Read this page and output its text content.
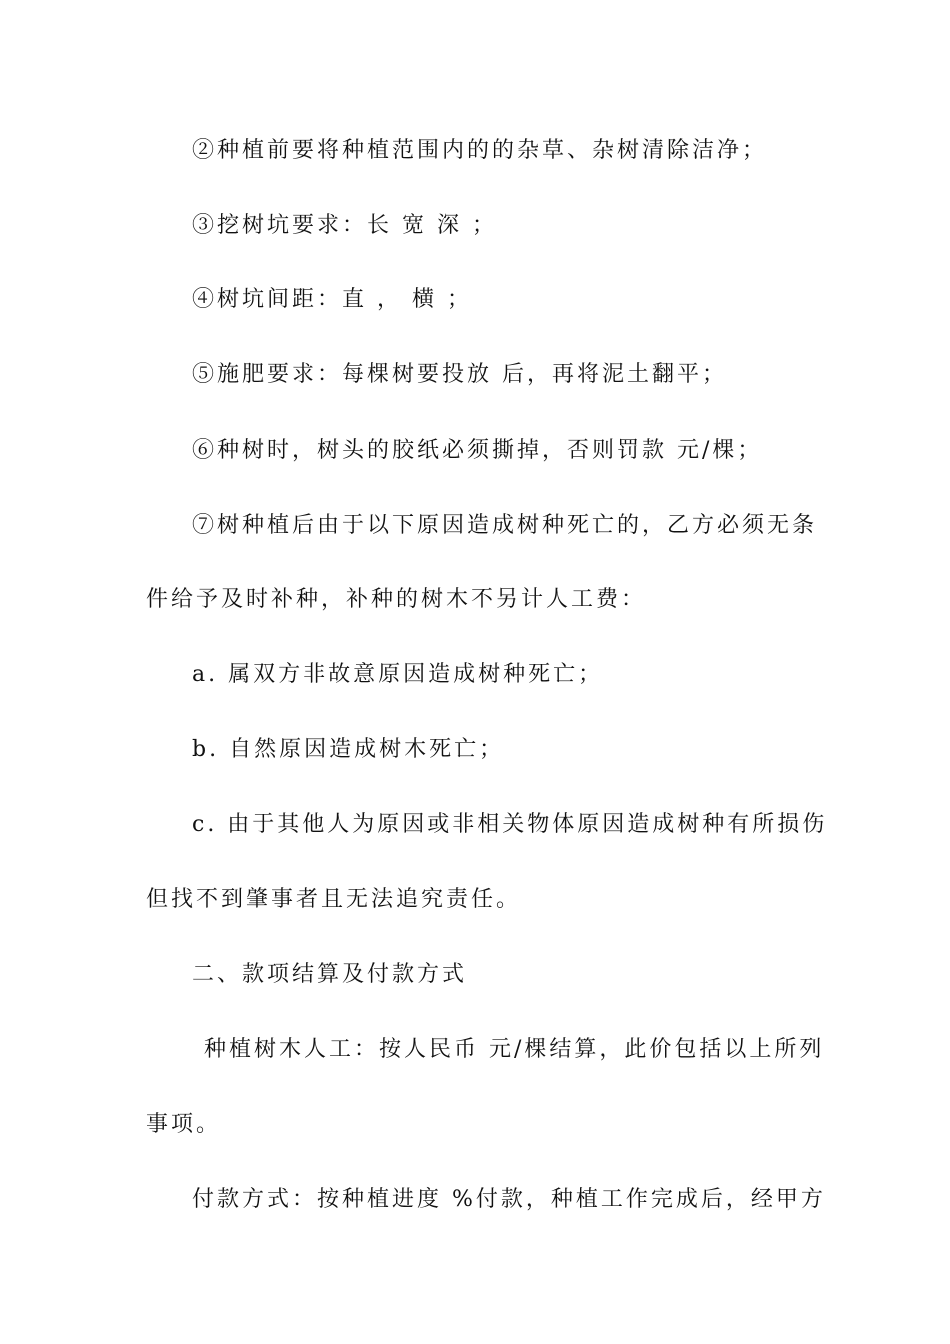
②种植前要将种植范围内的的杂草、杂树清除洁净；
③挖树坑要求：长 宽 深 ；
④树坑间距：直 ， 横 ；
⑤施肥要求：每棵树要投放 后，再将泥土翻平；
⑥种树时，树头的胶纸必须撕掉，否则罚款 元/棵；
⑦树种植后由于以下原因造成树种死亡的，乙方必须无条
件给予及时补种，补种的树木不另计人工费：
a. 属双方非故意原因造成树种死亡；
b. 自然原因造成树木死亡；
c. 由于其他人为原因或非相关物体原因造成树种有所损伤
但找不到肇事者且无法追究责任。
二、款项结算及付款方式
种植树木人工：按人民币 元/棵结算，此价包括以上所列
事项。
付款方式：按种植进度 %付款，种植工作完成后，经甲方
